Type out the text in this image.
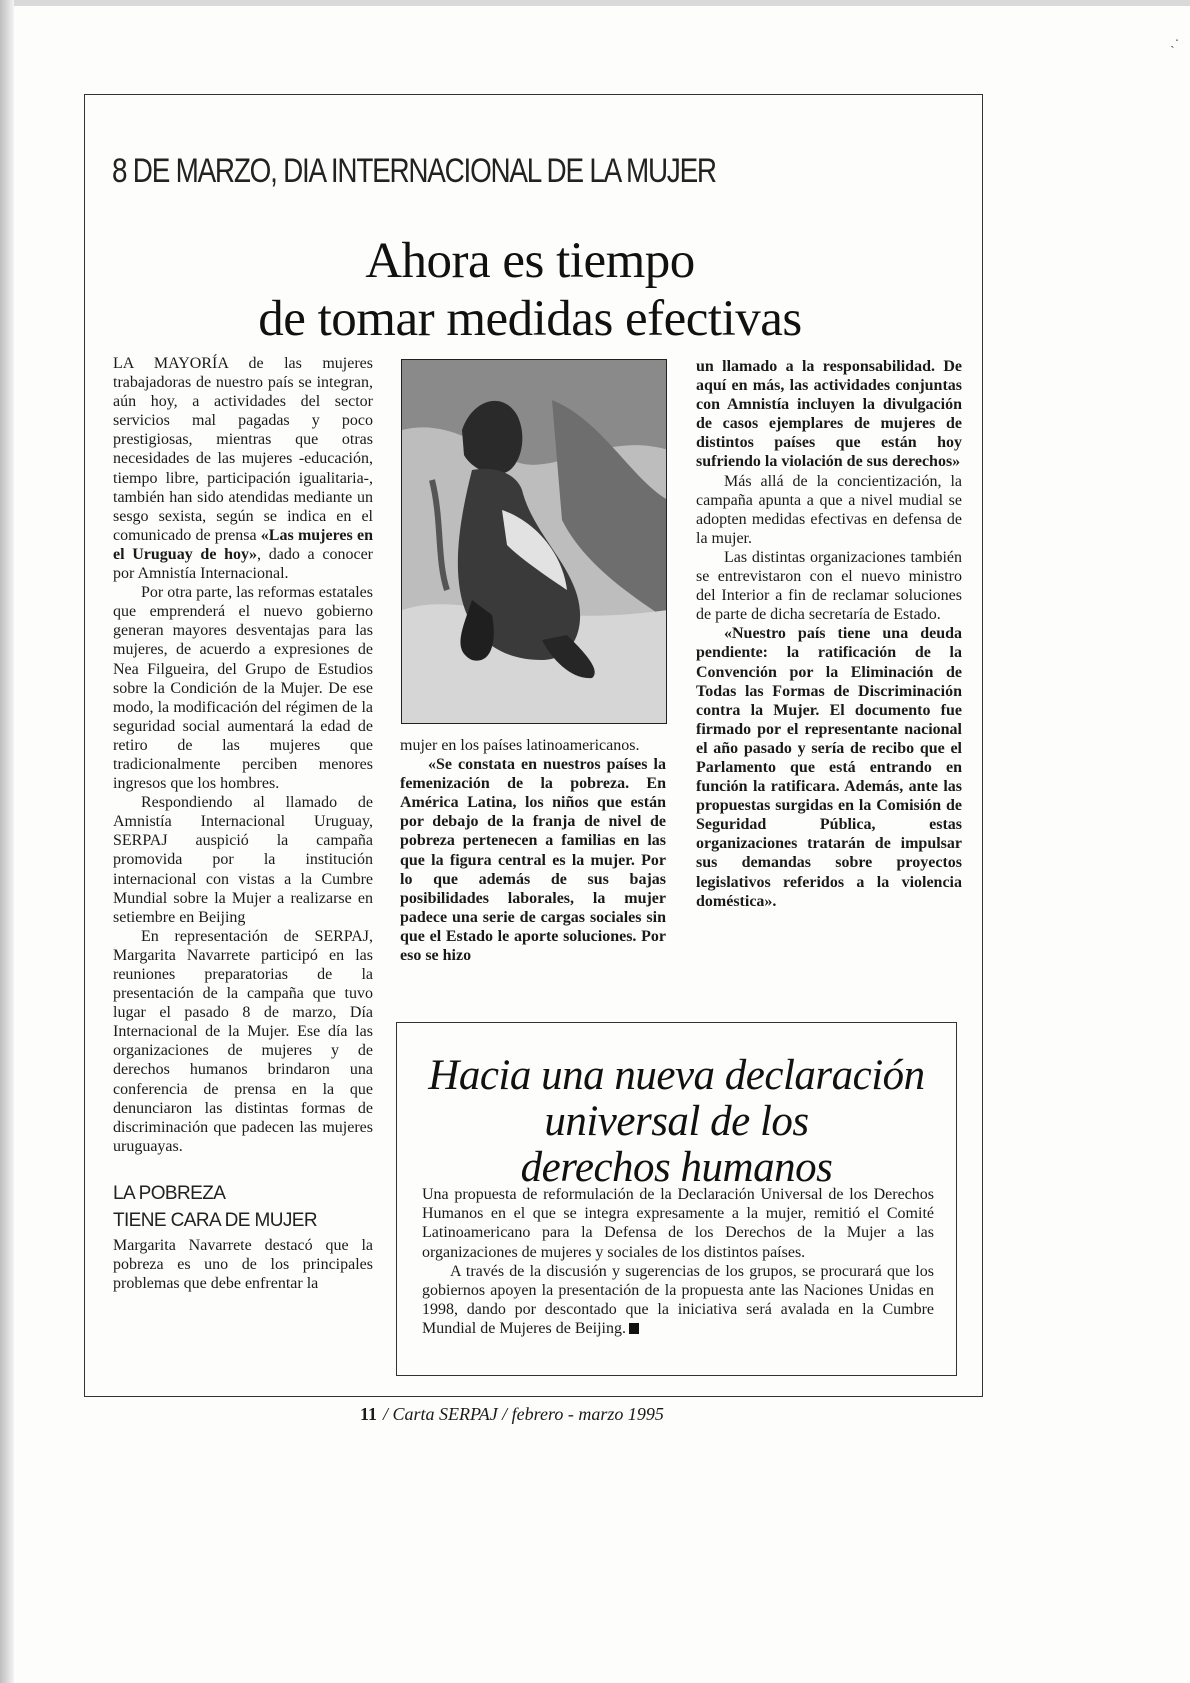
ˎ·
8 DE MARZO, DIA INTERNACIONAL DE LA MUJER
Ahora es tiempo
de tomar medidas efectivas

LA MAYORÍA de las mujeres trabajadoras de nuestro país se integran, aún hoy, a actividades del sector servicios mal pagadas y poco prestigiosas, mientras que otras necesidades de las mujeres -educación, tiempo libre, participación igualitaria-, también han sido atendidas mediante un sesgo sexista, según se indica en el comunicado de prensa «Las mujeres en el Uruguay de hoy», dado a conocer por Amnistía Internacional.

Por otra parte, las reformas estatales que emprenderá el nuevo gobierno generan mayores desventajas para las mujeres, de acuerdo a expresiones de Nea Filgueira, del Grupo de Estudios sobre la Condición de la Mujer. De ese modo, la modificación del régimen de la seguridad social aumentará la edad de retiro de las mujeres que tradicionalmente perciben menores ingresos que los hombres.

Respondiendo al llamado de Amnistía Internacional Uruguay, SERPAJ auspició la campaña promovida por la institución internacional con vistas a la Cumbre Mundial sobre la Mujer a realizarse en setiembre en Beijing

En representación de SERPAJ, Margarita Navarrete participó en las reuniones preparatorias de la presentación de la campaña que tuvo lugar el pasado 8 de marzo, Día Internacional de la Mujer. Ese día las organizaciones de mujeres y de derechos humanos brindaron una conferencia de prensa en la que denunciaron las distintas formas de discriminación que padecen las mujeres uruguayas.

LA POBREZA
TIENE CARA DE MUJER

Margarita Navarrete destacó que la pobreza es uno de los principales problemas que debe enfrentar la

mujer en los países latinoamericanos.

«Se constata en nuestros países la femenización de la pobreza. En América Latina, los niños que están por debajo de la franja de nivel de pobreza pertenecen a familias en las que la figura central es la mujer. Por lo que además de sus bajas posibilidades laborales, la mujer padece una serie de cargas sociales sin que el Estado le aporte soluciones. Por eso se hizo

un llamado a la responsabilidad. De aquí en más, las actividades conjuntas con Amnistía incluyen la divulgación de casos ejemplares de mujeres de distintos países que están hoy sufriendo la violación de sus derechos»

Más allá de la concientización, la campaña apunta a que a nivel mudial se adopten medidas efectivas en defensa de la mujer.

Las distintas organizaciones también se entrevistaron con el nuevo ministro del Interior a fin de reclamar soluciones de parte de dicha secretaría de Estado.

«Nuestro país tiene una deuda pendiente: la ratificación de la Convención por la Eliminación de Todas las Formas de Discriminación contra la Mujer. El documento fue firmado por el representante nacional el año pasado y sería de recibo que el Parlamento que está entrando en función la ratificara. Además, ante las propuestas surgidas en la Comisión de Seguridad Pública, estas organizaciones tratarán de impulsar sus demandas sobre proyectos legislativos referidos a la violencia doméstica».

Hacia una nueva declaración
universal de los
derechos humanos

Una propuesta de reformulación de la Declaración Universal de los Derechos Humanos en el que se integra expresamente a la mujer, remitió el Comité Latinoamericano para la Defensa de los Derechos de la Mujer a las organizaciones de mujeres y sociales de los distintos países.

A través de la discusión y sugerencias de los grupos, se procurará que los gobiernos apoyen la presentación de la propuesta ante las Naciones Unidas en 1998, dando por descontado que la iniciativa será avalada en la Cumbre Mundial de Mujeres de Beijing.

11 / Carta SERPAJ / febrero - marzo 1995
